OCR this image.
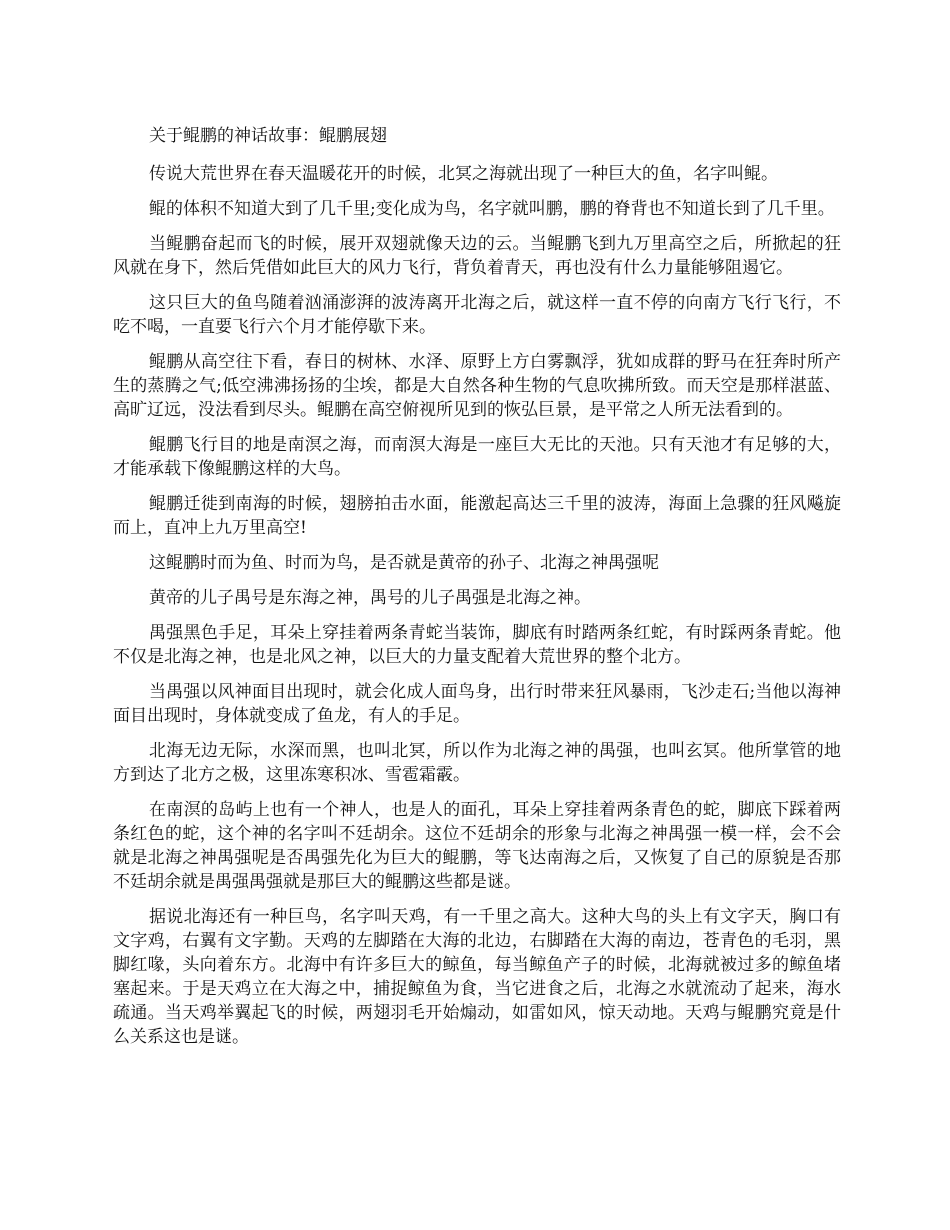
关于鲲鹏的神话故事：鲲鹏展翅

传说大荒世界在春天温暖花开的时候，北冥之海就出现了一种巨大的鱼，名字叫鲲。

鲲的体积不知道大到了几千里;变化成为鸟，名字就叫鹏，鹏的脊背也不知道长到了几千里。

当鲲鹏奋起而飞的时候，展开双翅就像天边的云。当鲲鹏飞到九万里高空之后，所掀起的狂风就在身下，然后凭借如此巨大的风力飞行，背负着青天，再也没有什么力量能够阻遏它。

这只巨大的鱼鸟随着汹涌澎湃的波涛离开北海之后，就这样一直不停的向南方飞行飞行，不吃不喝，一直要飞行六个月才能停歇下来。

鲲鹏从高空往下看，春日的树林、水泽、原野上方白雾飘浮，犹如成群的野马在狂奔时所产生的蒸腾之气;低空沸沸扬扬的尘埃，都是大自然各种生物的气息吹拂所致。而天空是那样湛蓝、高旷辽远，没法看到尽头。鲲鹏在高空俯视所见到的恢弘巨景，是平常之人所无法看到的。

鲲鹏飞行目的地是南溟之海，而南溟大海是一座巨大无比的天池。只有天池才有足够的大，才能承载下像鲲鹏这样的大鸟。

鲲鹏迁徙到南海的时候，翅膀拍击水面，能激起高达三千里的波涛，海面上急骤的狂风飚旋而上，直冲上九万里高空!

这鲲鹏时而为鱼、时而为鸟，是否就是黄帝的孙子、北海之神禺强呢

黄帝的儿子禺号是东海之神，禺号的儿子禺强是北海之神。

禺强黑色手足，耳朵上穿挂着两条青蛇当装饰，脚底有时踏两条红蛇，有时踩两条青蛇。他不仅是北海之神，也是北风之神，以巨大的力量支配着大荒世界的整个北方。

当禺强以风神面目出现时，就会化成人面鸟身，出行时带来狂风暴雨，飞沙走石;当他以海神面目出现时，身体就变成了鱼龙，有人的手足。

北海无边无际，水深而黑，也叫北冥，所以作为北海之神的禺强，也叫玄冥。他所掌管的地方到达了北方之极，这里冻寒积冰、雪雹霜霰。

在南溟的岛屿上也有一个神人，也是人的面孔，耳朵上穿挂着两条青色的蛇，脚底下踩着两条红色的蛇，这个神的名字叫不廷胡余。这位不廷胡余的形象与北海之神禺强一模一样，会不会就是北海之神禺强呢是否禺强先化为巨大的鲲鹏，等飞达南海之后，又恢复了自己的原貌是否那不廷胡余就是禺强禺强就是那巨大的鲲鹏这些都是谜。

据说北海还有一种巨鸟，名字叫天鸡，有一千里之高大。这种大鸟的头上有文字天，胸口有文字鸡，右翼有文字勤。天鸡的左脚踏在大海的北边，右脚踏在大海的南边，苍青色的毛羽，黑脚红喙，头向着东方。北海中有许多巨大的鲸鱼，每当鲸鱼产子的时候，北海就被过多的鲸鱼堵塞起来。于是天鸡立在大海之中，捕捉鲸鱼为食，当它进食之后，北海之水就流动了起来，海水疏通。当天鸡举翼起飞的时候，两翅羽毛开始煽动，如雷如风，惊天动地。天鸡与鲲鹏究竟是什么关系这也是谜。
